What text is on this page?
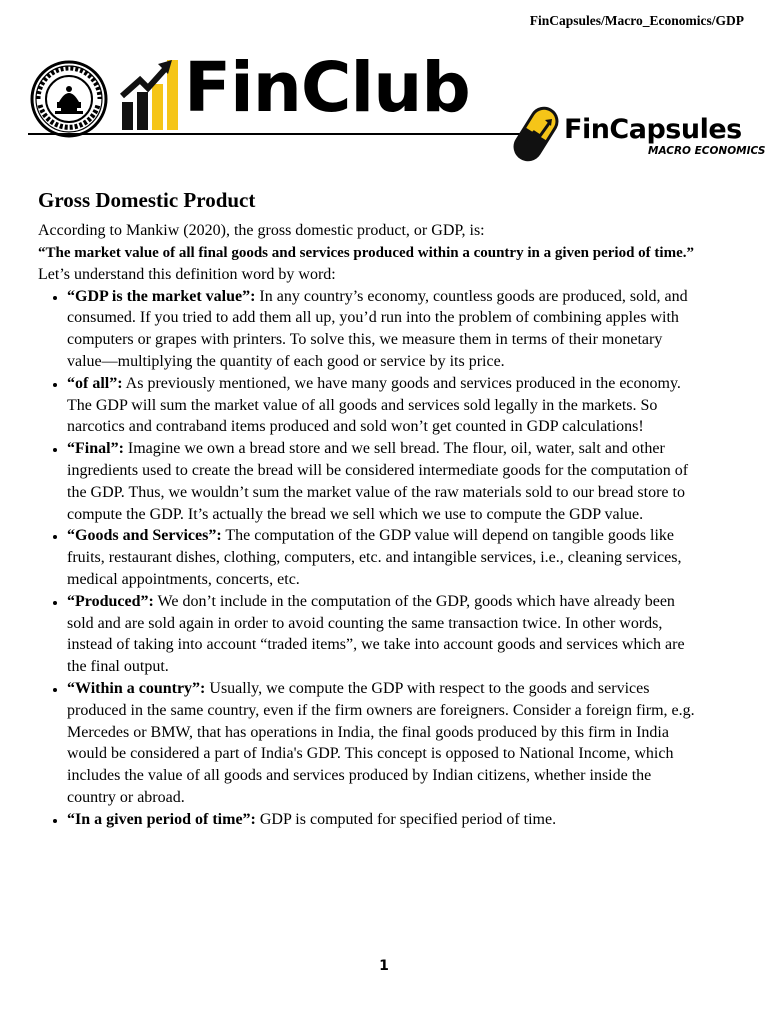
FinCapsules/Macro_Economics/GDP
FinClub
FinCapsules
MACRO ECONOMICS
Gross Domestic Product

According to Mankiw (2020), the gross domestic product, or GDP, is:

“The market value of all final goods and services produced within a country in a given period of time.”

Let’s understand this definition word by word:

• “GDP is the market value”: In any country’s economy, countless goods are produced, sold, and consumed. If you tried to add them all up, you’d run into the problem of combining apples with computers or grapes with printers. To solve this, we measure them in terms of their monetary value—multiplying the quantity of each good or service by its price.
• “of all”: As previously mentioned, we have many goods and services produced in the economy. The GDP will sum the market value of all goods and services sold legally in the markets. So narcotics and contraband items produced and sold won’t get counted in GDP calculations!
• “Final”: Imagine we own a bread store and we sell bread. The flour, oil, water, salt and other ingredients used to create the bread will be considered intermediate goods for the computation of the GDP. Thus, we wouldn’t sum the market value of the raw materials sold to our bread store to compute the GDP. It’s actually the bread we sell which we use to compute the GDP value.
• “Goods and Services”: The computation of the GDP value will depend on tangible goods like fruits, restaurant dishes, clothing, computers, etc. and intangible services, i.e., cleaning services, medical appointments, concerts, etc.
• “Produced”: We don’t include in the computation of the GDP, goods which have already been sold and are sold again in order to avoid counting the same transaction twice. In other words, instead of taking into account “traded items”, we take into account goods and services which are the final output.
• “Within a country”: Usually, we compute the GDP with respect to the goods and services produced in the same country, even if the firm owners are foreigners. Consider a foreign firm, e.g. Mercedes or BMW, that has operations in India, the final goods produced by this firm in India would be considered a part of India's GDP. This concept is opposed to National Income, which includes the value of all goods and services produced by Indian citizens, whether inside the country or abroad.
• “In a given period of time”: GDP is computed for specified period of time.
1
